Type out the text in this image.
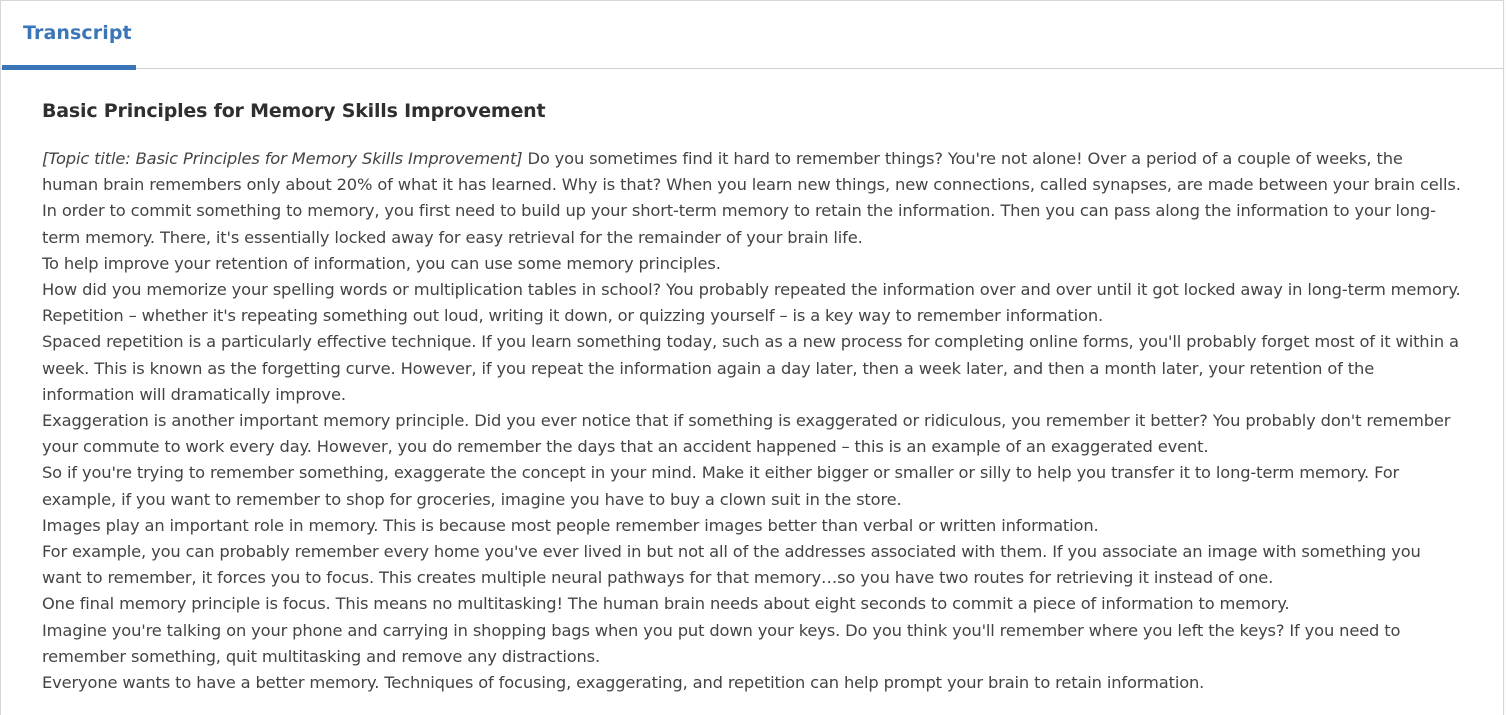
Transcript
Basic Principles for Memory Skills Improvement

[Topic title: Basic Principles for Memory Skills Improvement] Do you sometimes find it hard to remember things? You're not alone! Over a period of a couple of weeks, the human brain remembers only about 20% of what it has learned. Why is that? When you learn new things, new connections, called synapses, are made between your brain cells. In order to commit something to memory, you first need to build up your short-term memory to retain the information. Then you can pass along the information to your long-term memory. There, it's essentially locked away for easy retrieval for the remainder of your brain life.

To help improve your retention of information, you can use some memory principles.

How did you memorize your spelling words or multiplication tables in school? You probably repeated the information over and over until it got locked away in long-term memory.

Repetition – whether it's repeating something out loud, writing it down, or quizzing yourself – is a key way to remember information.

Spaced repetition is a particularly effective technique. If you learn something today, such as a new process for completing online forms, you'll probably forget most of it within a week. This is known as the forgetting curve. However, if you repeat the information again a day later, then a week later, and then a month later, your retention of the information will dramatically improve.

Exaggeration is another important memory principle. Did you ever notice that if something is exaggerated or ridiculous, you remember it better? You probably don't remember your commute to work every day. However, you do remember the days that an accident happened – this is an example of an exaggerated event.

So if you're trying to remember something, exaggerate the concept in your mind. Make it either bigger or smaller or silly to help you transfer it to long-term memory. For example, if you want to remember to shop for groceries, imagine you have to buy a clown suit in the store.

Images play an important role in memory. This is because most people remember images better than verbal or written information.

For example, you can probably remember every home you've ever lived in but not all of the addresses associated with them. If you associate an image with something you want to remember, it forces you to focus. This creates multiple neural pathways for that memory…so you have two routes for retrieving it instead of one.

One final memory principle is focus. This means no multitasking! The human brain needs about eight seconds to commit a piece of information to memory.

Imagine you're talking on your phone and carrying in shopping bags when you put down your keys. Do you think you'll remember where you left the keys? If you need to remember something, quit multitasking and remove any distractions.

Everyone wants to have a better memory. Techniques of focusing, exaggerating, and repetition can help prompt your brain to retain information.
